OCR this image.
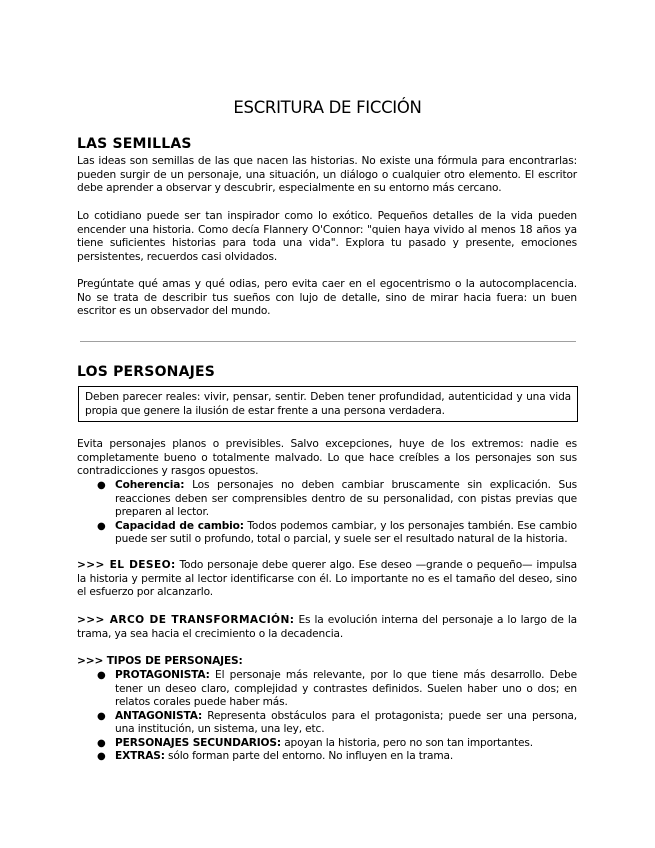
ESCRITURA DE FICCIÓN
LAS SEMILLAS
Las ideas son semillas de las que nacen las historias. No existe una fórmula para encontrarlas: pueden surgir de un personaje, una situación, un diálogo o cualquier otro elemento. El escritor debe aprender a observar y descubrir, especialmente en su entorno más cercano.
Lo cotidiano puede ser tan inspirador como lo exótico. Pequeños detalles de la vida pueden encender una historia. Como decía Flannery O'Connor: "quien haya vivido al menos 18 años ya tiene suficientes historias para toda una vida". Explora tu pasado y presente, emociones persistentes, recuerdos casi olvidados.
Pregúntate qué amas y qué odias, pero evita caer en el egocentrismo o la autocomplacencia. No se trata de describir tus sueños con lujo de detalle, sino de mirar hacia fuera: un buen escritor es un observador del mundo.
LOS PERSONAJES
Deben parecer reales: vivir, pensar, sentir. Deben tener profundidad, autenticidad y una vida propia que genere la ilusión de estar frente a una persona verdadera.
Evita personajes planos o previsibles. Salvo excepciones, huye de los extremos: nadie es completamente bueno o totalmente malvado. Lo que hace creíbles a los personajes son sus contradicciones y rasgos opuestos.
● Coherencia: Los personajes no deben cambiar bruscamente sin explicación. Sus reacciones deben ser comprensibles dentro de su personalidad, con pistas previas que preparen al lector.
● Capacidad de cambio: Todos podemos cambiar, y los personajes también. Ese cambio puede ser sutil o profundo, total o parcial, y suele ser el resultado natural de la historia.
>>> EL DESEO: Todo personaje debe querer algo. Ese deseo —grande o pequeño— impulsa la historia y permite al lector identificarse con él. Lo importante no es el tamaño del deseo, sino el esfuerzo por alcanzarlo.
>>> ARCO DE TRANSFORMACIÓN: Es la evolución interna del personaje a lo largo de la trama, ya sea hacia el crecimiento o la decadencia.
>>> TIPOS DE PERSONAJES:
● PROTAGONISTA: El personaje más relevante, por lo que tiene más desarrollo. Debe tener un deseo claro, complejidad y contrastes definidos. Suelen haber uno o dos; en relatos corales puede haber más.
● ANTAGONISTA: Representa obstáculos para el protagonista; puede ser una persona, una institución, un sistema, una ley, etc.
● PERSONAJES SECUNDARIOS: apoyan la historia, pero no son tan importantes.
● EXTRAS: sólo forman parte del entorno. No influyen en la trama.
